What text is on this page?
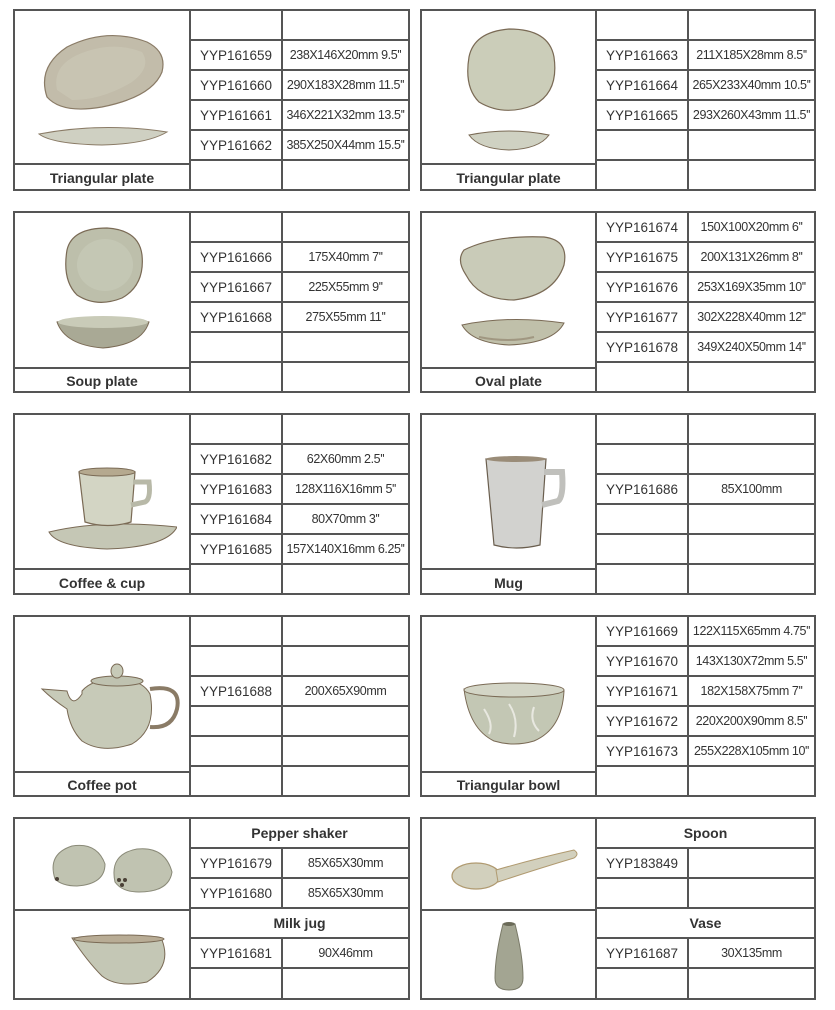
Triangular plate
YYP161659	238X146X20mm 9.5''
YYP161660	290X183X28mm 11.5''
YYP161661	346X221X32mm 13.5''
YYP161662	385X250X44mm 15.5''
Triangular plate
YYP161663	211X185X28mm 8.5''
YYP161664	265X233X40mm 10.5''
YYP161665	293X260X43mm 11.5''
Soup plate
YYP161666	175X40mm 7''
YYP161667	225X55mm 9''
YYP161668	275X55mm 11''
Oval plate
YYP161674	150X100X20mm 6''
YYP161675	200X131X26mm 8''
YYP161676	253X169X35mm 10''
YYP161677	302X228X40mm 12''
YYP161678	349X240X50mm 14''
Coffee & cup
YYP161682	62X60mm 2.5''
YYP161683	128X116X16mm 5''
YYP161684	80X70mm 3''
YYP161685	157X140X16mm 6.25''
Mug
YYP161686	85X100mm
Coffee pot
YYP161688	200X65X90mm
Triangular bowl
YYP161669	122X115X65mm 4.75''
YYP161670	143X130X72mm 5.5''
YYP161671	182X158X75mm 7''
YYP161672	220X200X90mm 8.5''
YYP161673	255X228X105mm 10''
Pepper shaker
YYP161679	85X65X30mm
YYP161680	85X65X30mm
Milk jug
YYP161681	90X46mm
Spoon
YYP183849
Vase
YYP161687	30X135mm
